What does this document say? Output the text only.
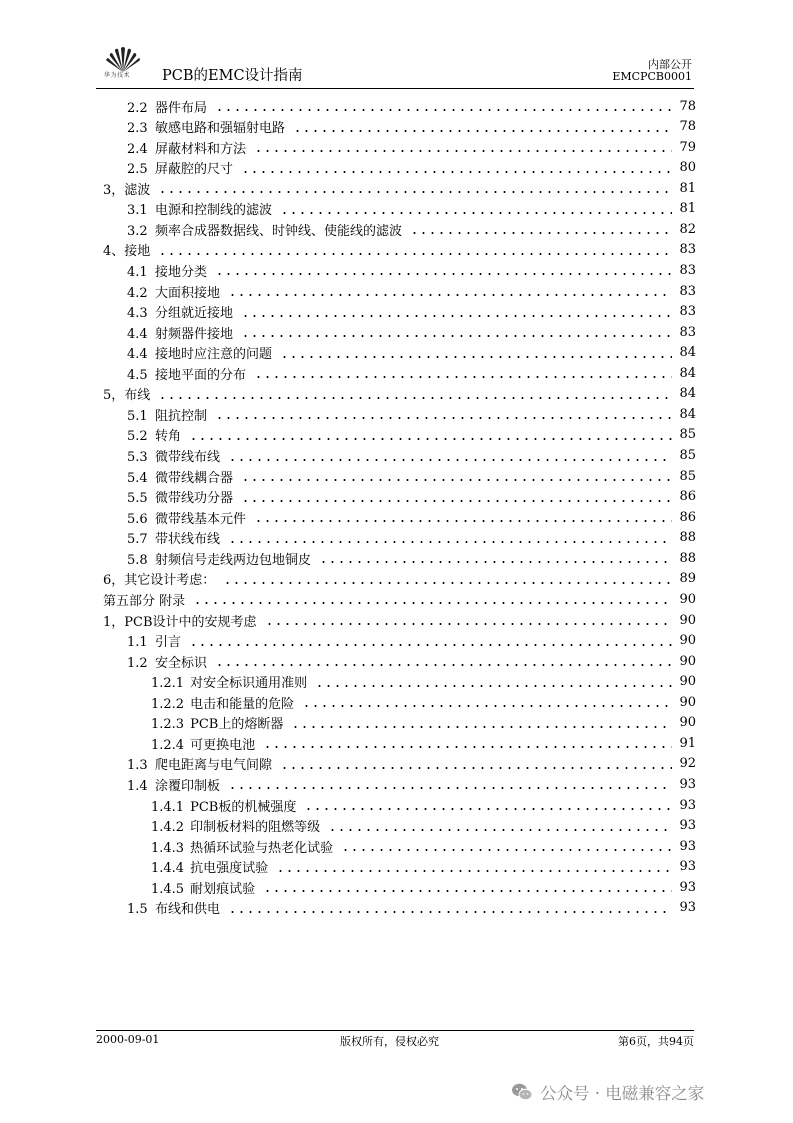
华为技术 PCB的EMC设计指南
内部公开
EMCPCB0001
2.2 器件布局	78
2.3 敏感电路和强辐射电路	78
2.4 屏蔽材料和方法	79
2.5 屏蔽腔的尺寸	80
3，滤波	81
3.1 电源和控制线的滤波	81
3.2 频率合成器数据线、时钟线、使能线的滤波	82
4、接地	83
4.1 接地分类	83
4.2 大面积接地	83
4.3 分组就近接地	83
4.4 射频器件接地	83
4.4 接地时应注意的问题	84
4.5 接地平面的分布	84
5，布线	84
5.1 阻抗控制	84
5.2 转角	85
5.3 微带线布线	85
5.4 微带线耦合器	85
5.5 微带线功分器	86
5.6 微带线基本元件	86
5.7 带状线布线	88
5.8 射频信号走线两边包地铜皮	88
6，其它设计考虑：	89
第五部分 附录	90
1，PCB设计中的安规考虑	90
1.1 引言	90
1.2 安全标识	90
1.2.1 对安全标识通用准则	90
1.2.2 电击和能量的危险	90
1.2.3 PCB上的熔断器	90
1.2.4 可更换电池	91
1.3 爬电距离与电气间隙	92
1.4 涂覆印制板	93
1.4.1 PCB板的机械强度	93
1.4.2 印制板材料的阻燃等级	93
1.4.3 热循环试验与热老化试验	93
1.4.4 抗电强度试验	93
1.4.5 耐划痕试验	93
1.5 布线和供电	93
2000-09-01	版权所有，侵权必究	第6页，共94页
公众号 · 电磁兼容之家
